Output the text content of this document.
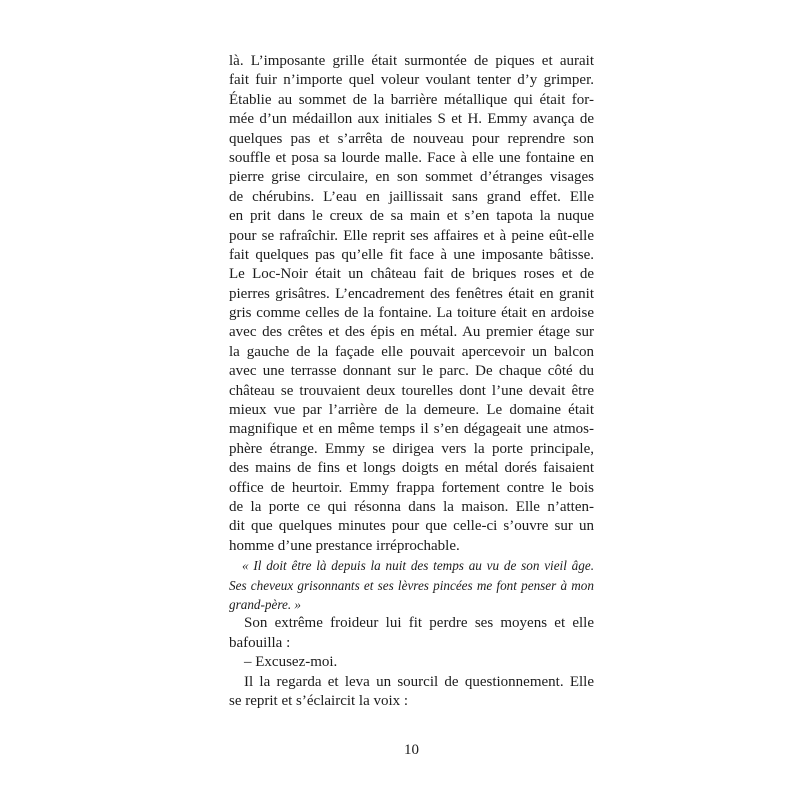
là. L’imposante grille était surmontée de piques et aurait
fait fuir n’importe quel voleur voulant tenter d’y grimper.
Établie au sommet de la barrière métallique qui était for-
mée d’un médaillon aux initiales S et H. Emmy avança de
quelques pas et s’arrêta de nouveau pour reprendre son
souffle et posa sa lourde malle. Face à elle une fontaine en
pierre grise circulaire, en son sommet d’étranges visages
de chérubins. L’eau en jaillissait sans grand effet. Elle
en prit dans le creux de sa main et s’en tapota la nuque
pour se rafraîchir. Elle reprit ses affaires et à peine eût-elle
fait quelques pas qu’elle fit face à une imposante bâtisse.
Le Loc-Noir était un château fait de briques roses et de
pierres grisâtres. L’encadrement des fenêtres était en granit
gris comme celles de la fontaine. La toiture était en ardoise
avec des crêtes et des épis en métal. Au premier étage sur
la gauche de la façade elle pouvait apercevoir un balcon
avec une terrasse donnant sur le parc. De chaque côté du
château se trouvaient deux tourelles dont l’une devait être
mieux vue par l’arrière de la demeure. Le domaine était
magnifique et en même temps il s’en dégageait une atmos-
phère étrange. Emmy se dirigea vers la porte principale,
des mains de fins et longs doigts en métal dorés faisaient
office de heurtoir. Emmy frappa fortement contre le bois
de la porte ce qui résonna dans la maison. Elle n’atten-
dit que quelques minutes pour que celle-ci s’ouvre sur un
homme d’une prestance irréprochable.
« Il doit être là depuis la nuit des temps au vu de son vieil âge.
Ses cheveux grisonnants et ses lèvres pincées me font penser à mon
grand-père. »
Son extrême froideur lui fit perdre ses moyens et elle
bafouilla :
– Excusez-moi.
Il la regarda et leva un sourcil de questionnement. Elle
se reprit et s’éclaircit la voix :
10
